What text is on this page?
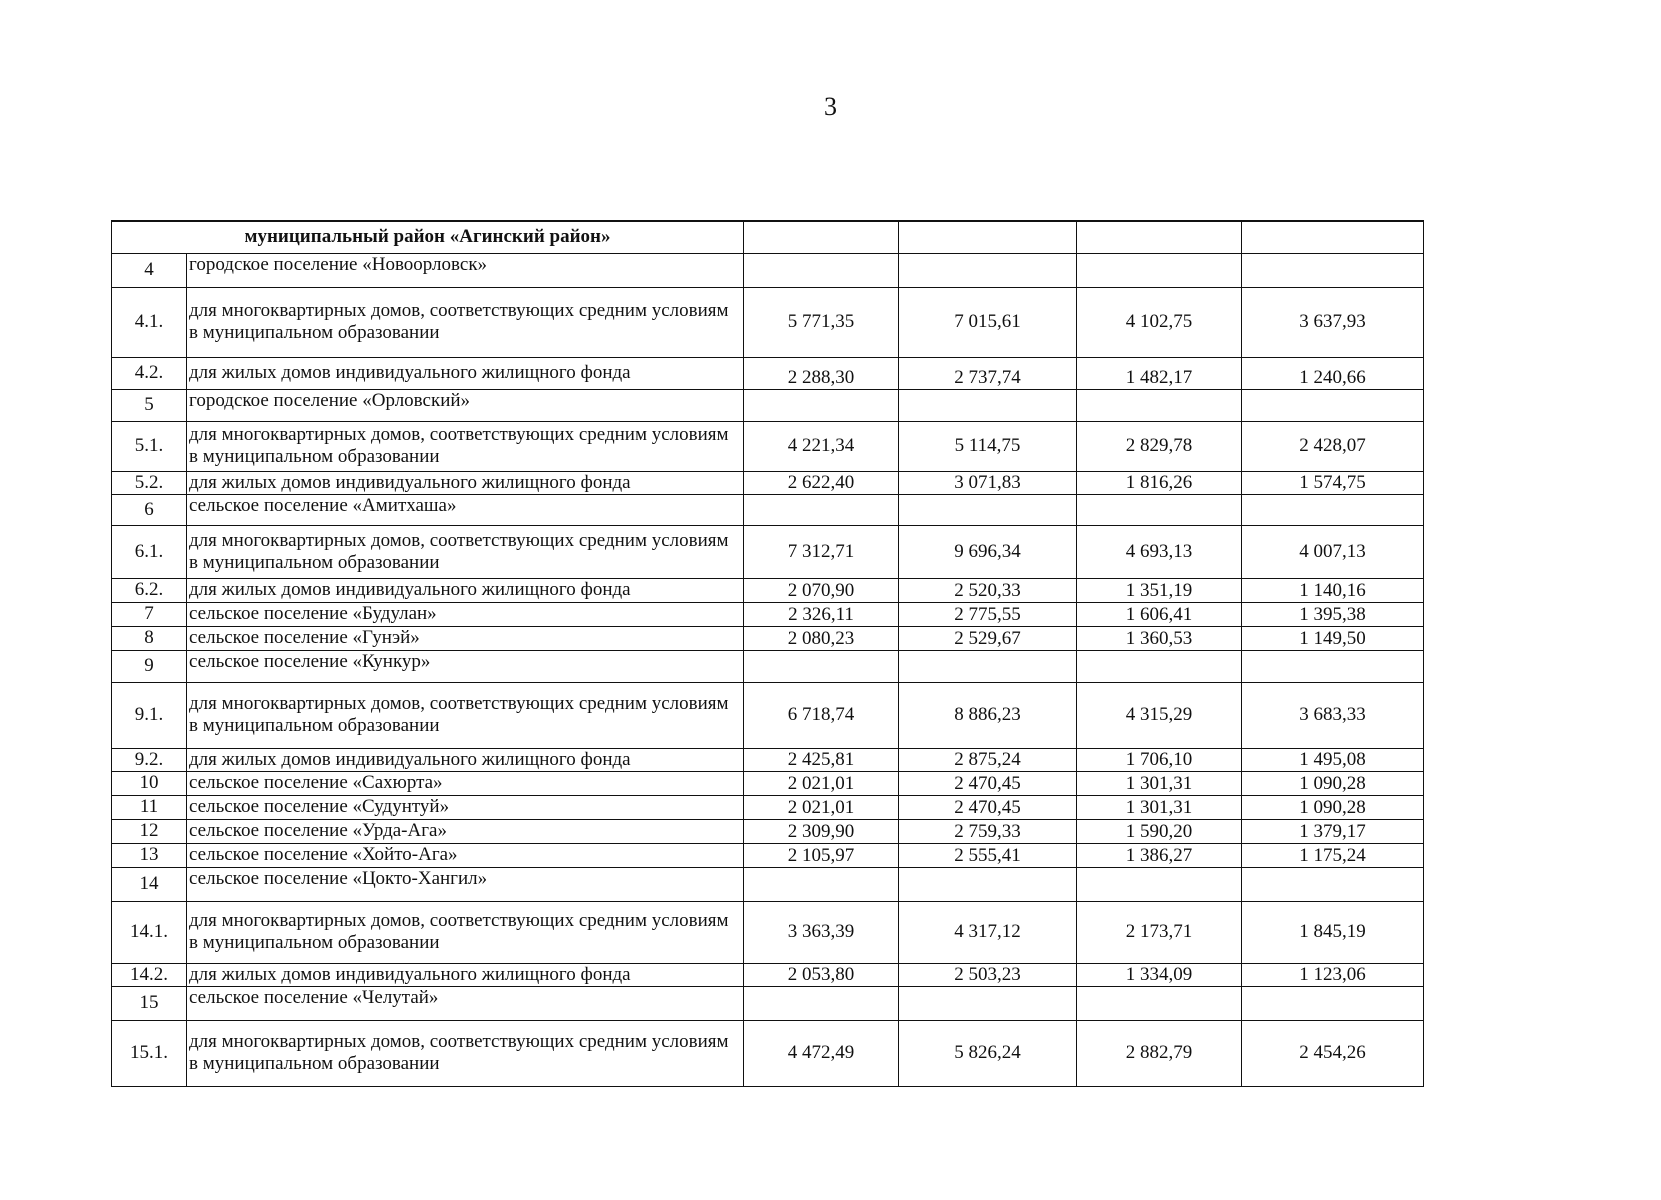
3
муниципальный район «Агинский район»					
4	городское поселение «Новоорловск»				
4.1.	для многоквартирных домов, соответствующих средним условиям в муниципальном образовании	5 771,35	7 015,61	4 102,75	3 637,93
4.2.	для жилых домов индивидуального жилищного фонда	2 288,30	2 737,74	1 482,17	1 240,66
5	городское поселение «Орловский»				
5.1.	для многоквартирных домов, соответствующих средним условиям в муниципальном образовании	4 221,34	5 114,75	2 829,78	2 428,07
5.2.	для жилых домов индивидуального жилищного фонда	2 622,40	3 071,83	1 816,26	1 574,75
6	сельское поселение «Амитхаша»				
6.1.	для многоквартирных домов, соответствующих средним условиям в муниципальном образовании	7 312,71	9 696,34	4 693,13	4 007,13
6.2.	для жилых домов индивидуального жилищного фонда	2 070,90	2 520,33	1 351,19	1 140,16
7	сельское поселение «Будулан»	2 326,11	2 775,55	1 606,41	1 395,38
8	сельское поселение «Гунэй»	2 080,23	2 529,67	1 360,53	1 149,50
9	сельское поселение «Кункур»				
9.1.	для многоквартирных домов, соответствующих средним условиям в муниципальном образовании	6 718,74	8 886,23	4 315,29	3 683,33
9.2.	для жилых домов индивидуального жилищного фонда	2 425,81	2 875,24	1 706,10	1 495,08
10	сельское поселение «Сахюрта»	2 021,01	2 470,45	1 301,31	1 090,28
11	сельское поселение «Судунтуй»	2 021,01	2 470,45	1 301,31	1 090,28
12	сельское поселение «Урда-Ага»	2 309,90	2 759,33	1 590,20	1 379,17
13	сельское поселение «Хойто-Ага»	2 105,97	2 555,41	1 386,27	1 175,24
14	сельское поселение «Цокто-Хангил»				
14.1.	для многоквартирных домов, соответствующих средним условиям в муниципальном образовании	3 363,39	4 317,12	2 173,71	1 845,19
14.2.	для жилых домов индивидуального жилищного фонда	2 053,80	2 503,23	1 334,09	1 123,06
15	сельское поселение «Челутай»				
15.1.	для многоквартирных домов, соответствующих средним условиям в муниципальном образовании	4 472,49	5 826,24	2 882,79	2 454,26
